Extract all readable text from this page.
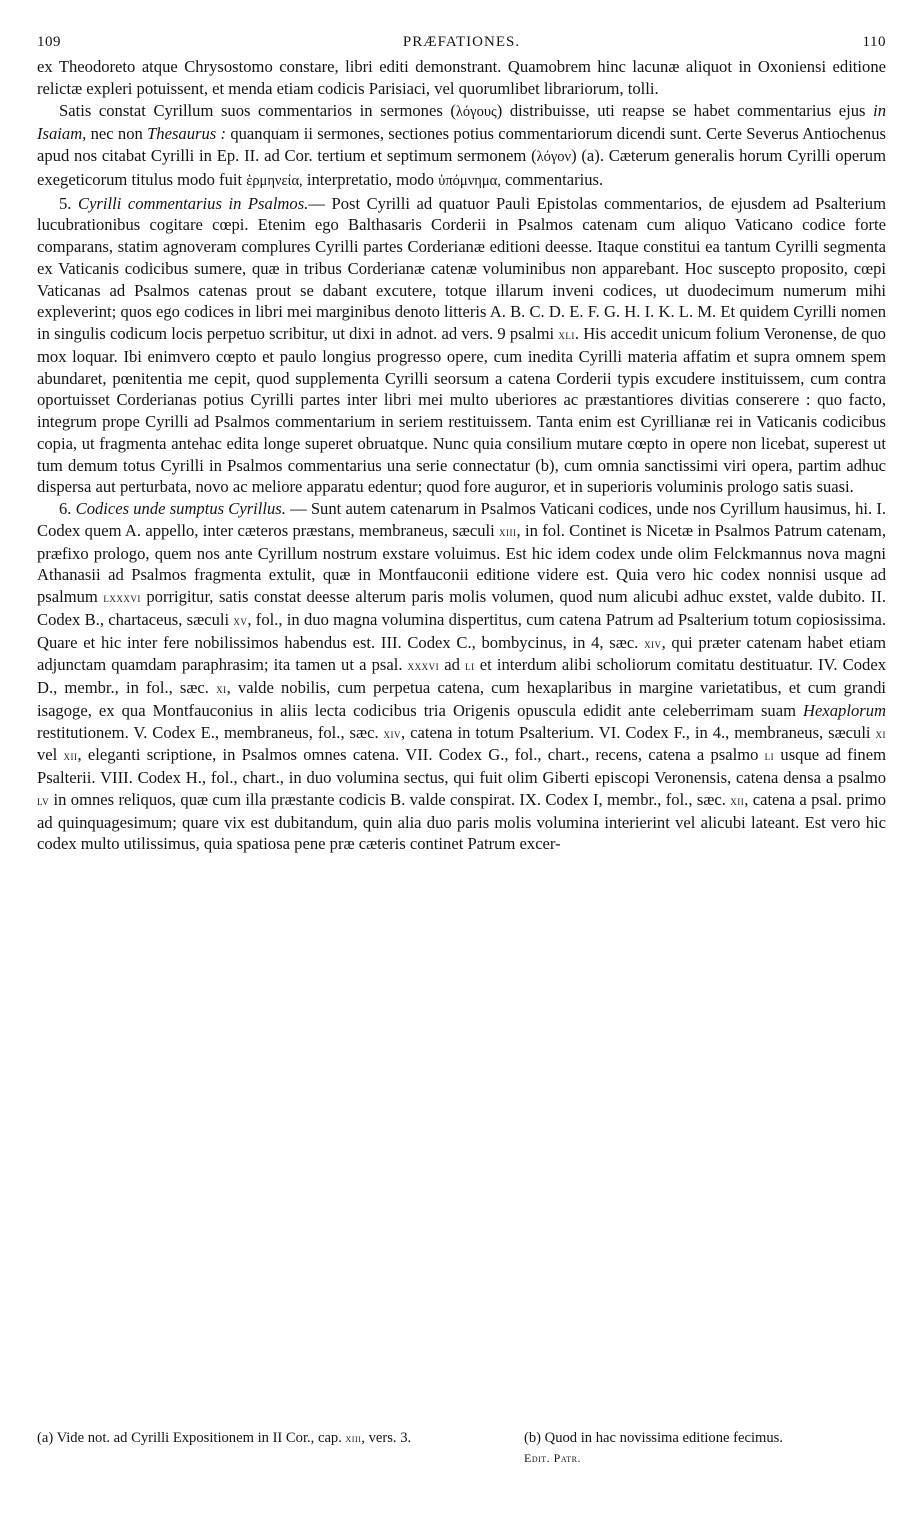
109	PRÆFATIONES.	110

ex Theodoreto atque Chrysostomo constare, libri editi demonstrant. Quamobrem hinc lacunæ aliquot in Oxoniensi editione relictæ expleri potuissent, et menda etiam codicis Parisiaci, vel quorumlibet librariorum, tolli.

Satis constat Cyrillum suos commentarios in sermones (λόγους) distribuisse, uti reapse se habet commentarius ejus in Isaiam, nec non Thesaurus : quanquam ii sermones, sectiones potius commentariorum dicendi sunt. Certe Severus Antiochenus apud nos citabat Cyrilli in Ep. II. ad Cor. tertium et septimum sermonem (λόγον) (a). Cæterum generalis horum Cyrilli operum exegeticorum titulus modo fuit ἑρμηνεία, interpretatio, modo ὑπόμνημα, commentarius.

5. Cyrilli commentarius in Psalmos.— Post Cyrilli ad quatuor Pauli Epistolas commentarios, de ejusdem ad Psalterium lucubrationibus cogitare cœpi. Etenim ego Balthasaris Corderii in Psalmos catenam cum aliquo Vaticano codice forte comparans, statim agnoveram complures Cyrilli partes Corderianæ editioni deesse. Itaque constitui ea tantum Cyrilli segmenta ex Vaticanis codicibus sumere, quæ in tribus Corderianæ catenæ voluminibus non apparebant. Hoc suscepto proposito, cœpi Vaticanas ad Psalmos catenas prout se dabant excutere, totque illarum inveni codices, ut duodecimum numerum mihi expleverint; quos ego codices in libri mei marginibus denoto litteris A. B. C. D. E. F. G. H. I. K. L. M. Et quidem Cyrilli nomen in singulis codicum locis perpetuo scribitur, ut dixi in adnot. ad vers. 9 psalmi xli. His accedit unicum folium Veronense, de quo mox loquar. Ibi enimvero cœpto et paulo longius progresso opere, cum inedita Cyrilli materia affatim et supra omnem spem abundaret, pœnitentia me cepit, quod supplementa Cyrilli seorsum a catena Corderii typis excudere instituissem, cum contra oportuisset Corderianas potius Cyrilli partes inter libri mei multo uberiores ac præstantiores divitias conserere : quo facto, integrum prope Cyrilli ad Psalmos commentarium in seriem restituissem. Tanta enim est Cyrillianæ rei in Vaticanis codicibus copia, ut fragmenta antehac edita longe superet obruatque. Nunc quia consilium mutare cœpto in opere non licebat, superest ut tum demum totus Cyrilli in Psalmos commentarius una serie connectatur (b), cum omnia sanctissimi viri opera, partim adhuc dispersa aut perturbata, novo ac meliore apparatu edentur; quod fore auguror, et in superioris voluminis prologo satis suasi.

6. Codices unde sumptus Cyrillus. — Sunt autem catenarum in Psalmos Vaticani codices, unde nos Cyrillum hausimus, hi. I. Codex quem A. appello, inter cæteros præstans, membraneus, sæculi xiii, in fol. Continet is Nicetæ in Psalmos Patrum catenam, præfixo prologo, quem nos ante Cyrillum nostrum exstare voluimus. Est hic idem codex unde olim Felckmannus nova magni Athanasii ad Psalmos fragmenta extulit, quæ in Montfauconii editione videre est. Quia vero hic codex nonnisi usque ad psalmum lxxxvi porrigitur, satis constat deesse alterum paris molis volumen, quod num alicubi adhuc exstet, valde dubito. II. Codex B., chartaceus, sæculi xv, fol., in duo magna volumina dispertitus, cum catena Patrum ad Psalterium totum copiosissima. Quare et hic inter fere nobilissimos habendus est. III. Codex C., bombycinus, in 4, sæc. xiv, qui præter catenam habet etiam adjunctam quamdam paraphrasim; ita tamen ut a psal. xxxvi ad li et interdum alibi scholiorum comitatu destituatur. IV. Codex D., membr., in fol., sæc. xi, valde nobilis, cum perpetua catena, cum hexaplaribus in margine varietatibus, et cum grandi isagoge, ex qua Montfauconius in aliis lecta codicibus tria Origenis opuscula edidit ante celeberrimam suam Hexaplorum restitutionem. V. Codex E., membraneus, fol., sæc. xiv, catena in totum Psalterium. VI. Codex F., in 4., membraneus, sæculi xi vel xii, eleganti scriptione, in Psalmos omnes catena. VII. Codex G., fol., chart., recens, catena a psalmo li usque ad finem Psalterii. VIII. Codex H., fol., chart., in duo volumina sectus, qui fuit olim Giberti episcopi Veronensis, catena densa a psalmo lv in omnes reliquos, quæ cum illa præstante codicis B. valde conspirat. IX. Codex I, membr., fol., sæc. xii, catena a psal. primo ad quinquagesimum; quare vix est dubitandum, quin alia duo paris molis volumina interierint vel alicubi lateant. Est vero hic codex multo utilissimus, quia spatiosa pene præ cæteris continet Patrum excer-

(a) Vide not. ad Cyrilli Expositionem in II Cor., cap. xiii, vers. 3.	(b) Quod in hac novissima editione fecimus.
Edit. Patr.
